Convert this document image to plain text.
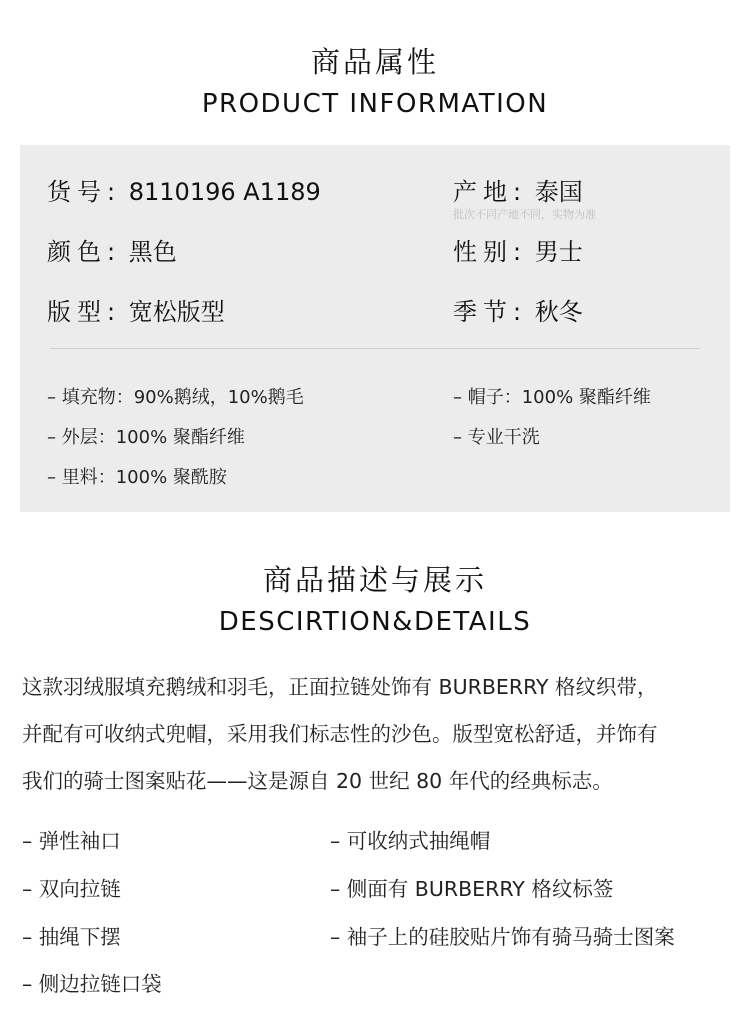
商品属性
PRODUCT INFORMATION
货号: 8110196 A1189	产地: 泰国
批次不同产地不同，实物为准
颜色: 黑色	性别: 男士
版型: 宽松版型	季节: 秋冬
– 填充物：90%鹅绒，10%鹅毛
– 外层：100% 聚酯纤维
– 里料：100% 聚酰胺
– 帽子：100% 聚酯纤维
– 专业干洗
商品描述与展示
DESCIRTION&DETAILS
这款羽绒服填充鹅绒和羽毛，正面拉链处饰有 BURBERRY 格纹织带，
并配有可收纳式兜帽，采用我们标志性的沙色。版型宽松舒适，并饰有
我们的骑士图案贴花——这是源自 20 世纪 80 年代的经典标志。
– 弹性袖口
– 双向拉链
– 抽绳下摆
– 侧边拉链口袋
– 可收纳式抽绳帽
– 侧面有 BURBERRY 格纹标签
– 袖子上的硅胶贴片饰有骑马骑士图案
